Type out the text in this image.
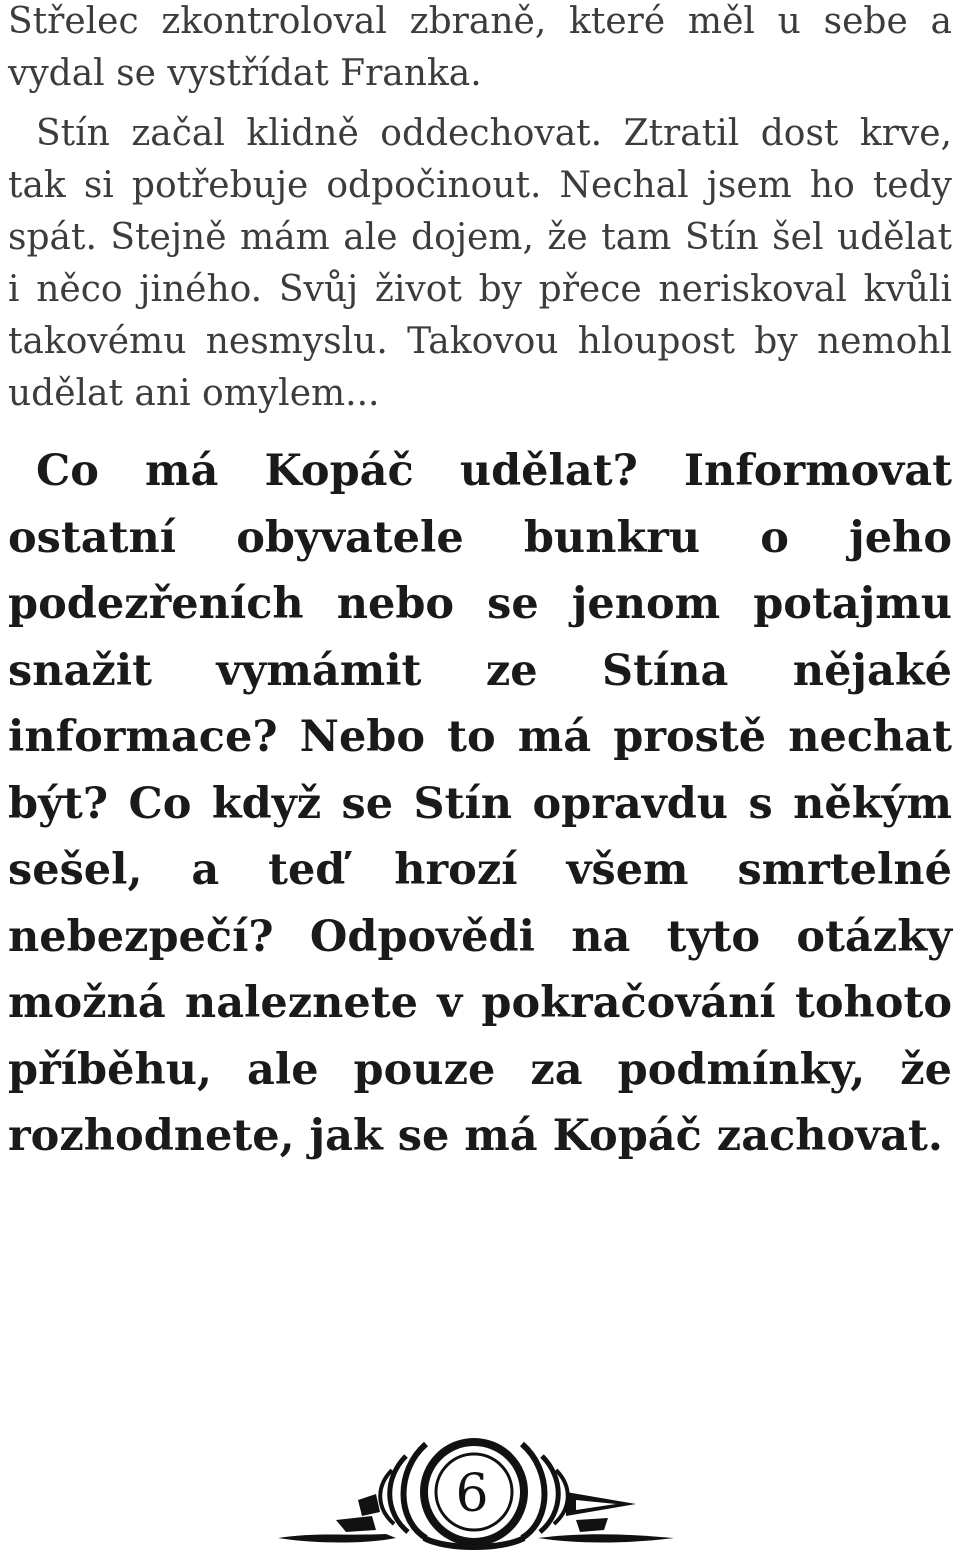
Střelec zkontroloval zbraně, které měl u sebe a vydal se vystřídat Franka.

Stín začal klidně oddechovat. Ztratil dost krve, tak si potřebuje odpočinout. Nechal jsem ho tedy spát. Stejně mám ale dojem, že tam Stín šel udělat i něco jiného. Svůj život by přece neriskoval kvůli takovému nesmyslu. Takovou hloupost by nemohl udělat ani omylem...

Co má Kopáč udělat? Informovat ostatní obyvatele bunkru o jeho podezřeních nebo se jenom potajmu snažit vymámit ze Stína nějaké informace? Nebo to má prostě nechat být? Co když se Stín opravdu s někým sešel, a teď hrozí všem smrtelné nebezpečí? Odpovědi na tyto otázky možná naleznete v pokračování tohoto příběhu, ale pouze za podmínky, že rozhodnete, jak se má Kopáč zachovat.

6
